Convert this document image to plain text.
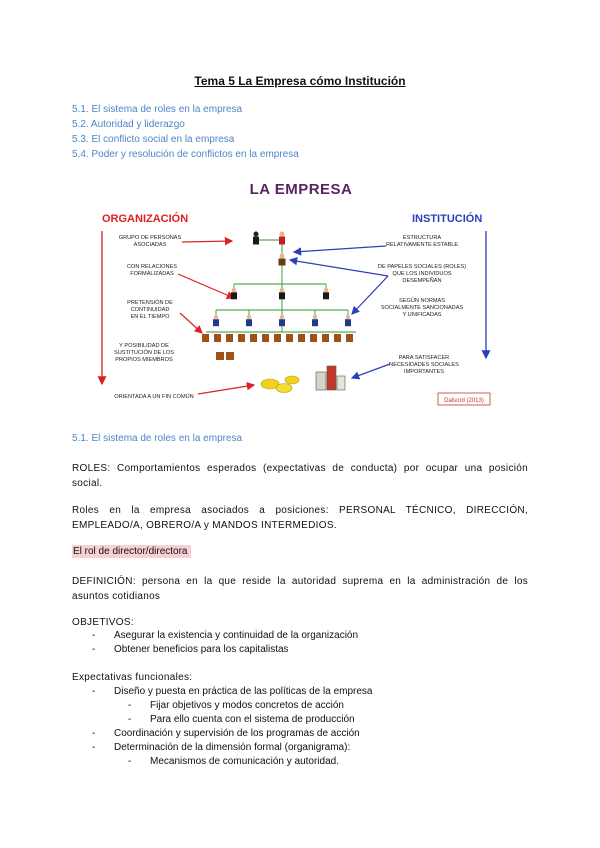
Tema 5 La Empresa cómo Institución
5.1. El sistema de roles en la empresa
5.2. Autoridad y liderazgo
5.3. El conflicto social en la empresa
5.4. Poder y resolución de conflictos en la empresa
LA EMPRESA
ORGANIZACIÓN	INSTITUCIÓN
GRUPO DE PERSONAS
ASOCIADAS
CON RELACIONES
FORMALIZADAS
PRETENSIÓN DE
CONTINUIDAD
EN EL TIEMPO
Y POSIBILIDAD DE
SUSTITUCIÓN DE LOS
PROPIOS MIEMBROS
ORIENTADA A UN FIN COMÚN
ESTRUCTURA
RELATIVAMENTE ESTABLE
DE PAPELES SOCIALES (ROLES)
QUE LOS INDIVIDUOS
DESEMPEÑAN
SEGÚN NORMAS
SOCIALMENTE SANCIONADAS
Y UNIFICADAS
PARA SATISFACER
NECESIDADES SOCIALES
IMPORTANTES
Dalsord (2013)
5.1. El sistema de roles en la empresa
ROLES: Comportamientos esperados (expectativas de conducta) por ocupar una posición social.
Roles en la empresa asociados a posiciones: PERSONAL TÉCNICO, DIRECCIÓN, EMPLEADO/A, OBRERO/A y MANDOS INTERMEDIOS.
El rol de director/directora
DEFINICIÓN: persona en la que reside la autoridad suprema en la administración de los asuntos cotidianos
OBJETIVOS:
- Asegurar la existencia y continuidad de la organización
- Obtener beneficios para los capitalistas
Expectativas funcionales:
- Diseño y puesta en práctica de las políticas de la empresa
- Fijar objetivos y modos concretos de acción
- Para ello cuenta con el sistema de producción
- Coordinación y supervisión de los programas de acción
- Determinación de la dimensión formal (organigrama):
- Mecanismos de comunicación y autoridad.
